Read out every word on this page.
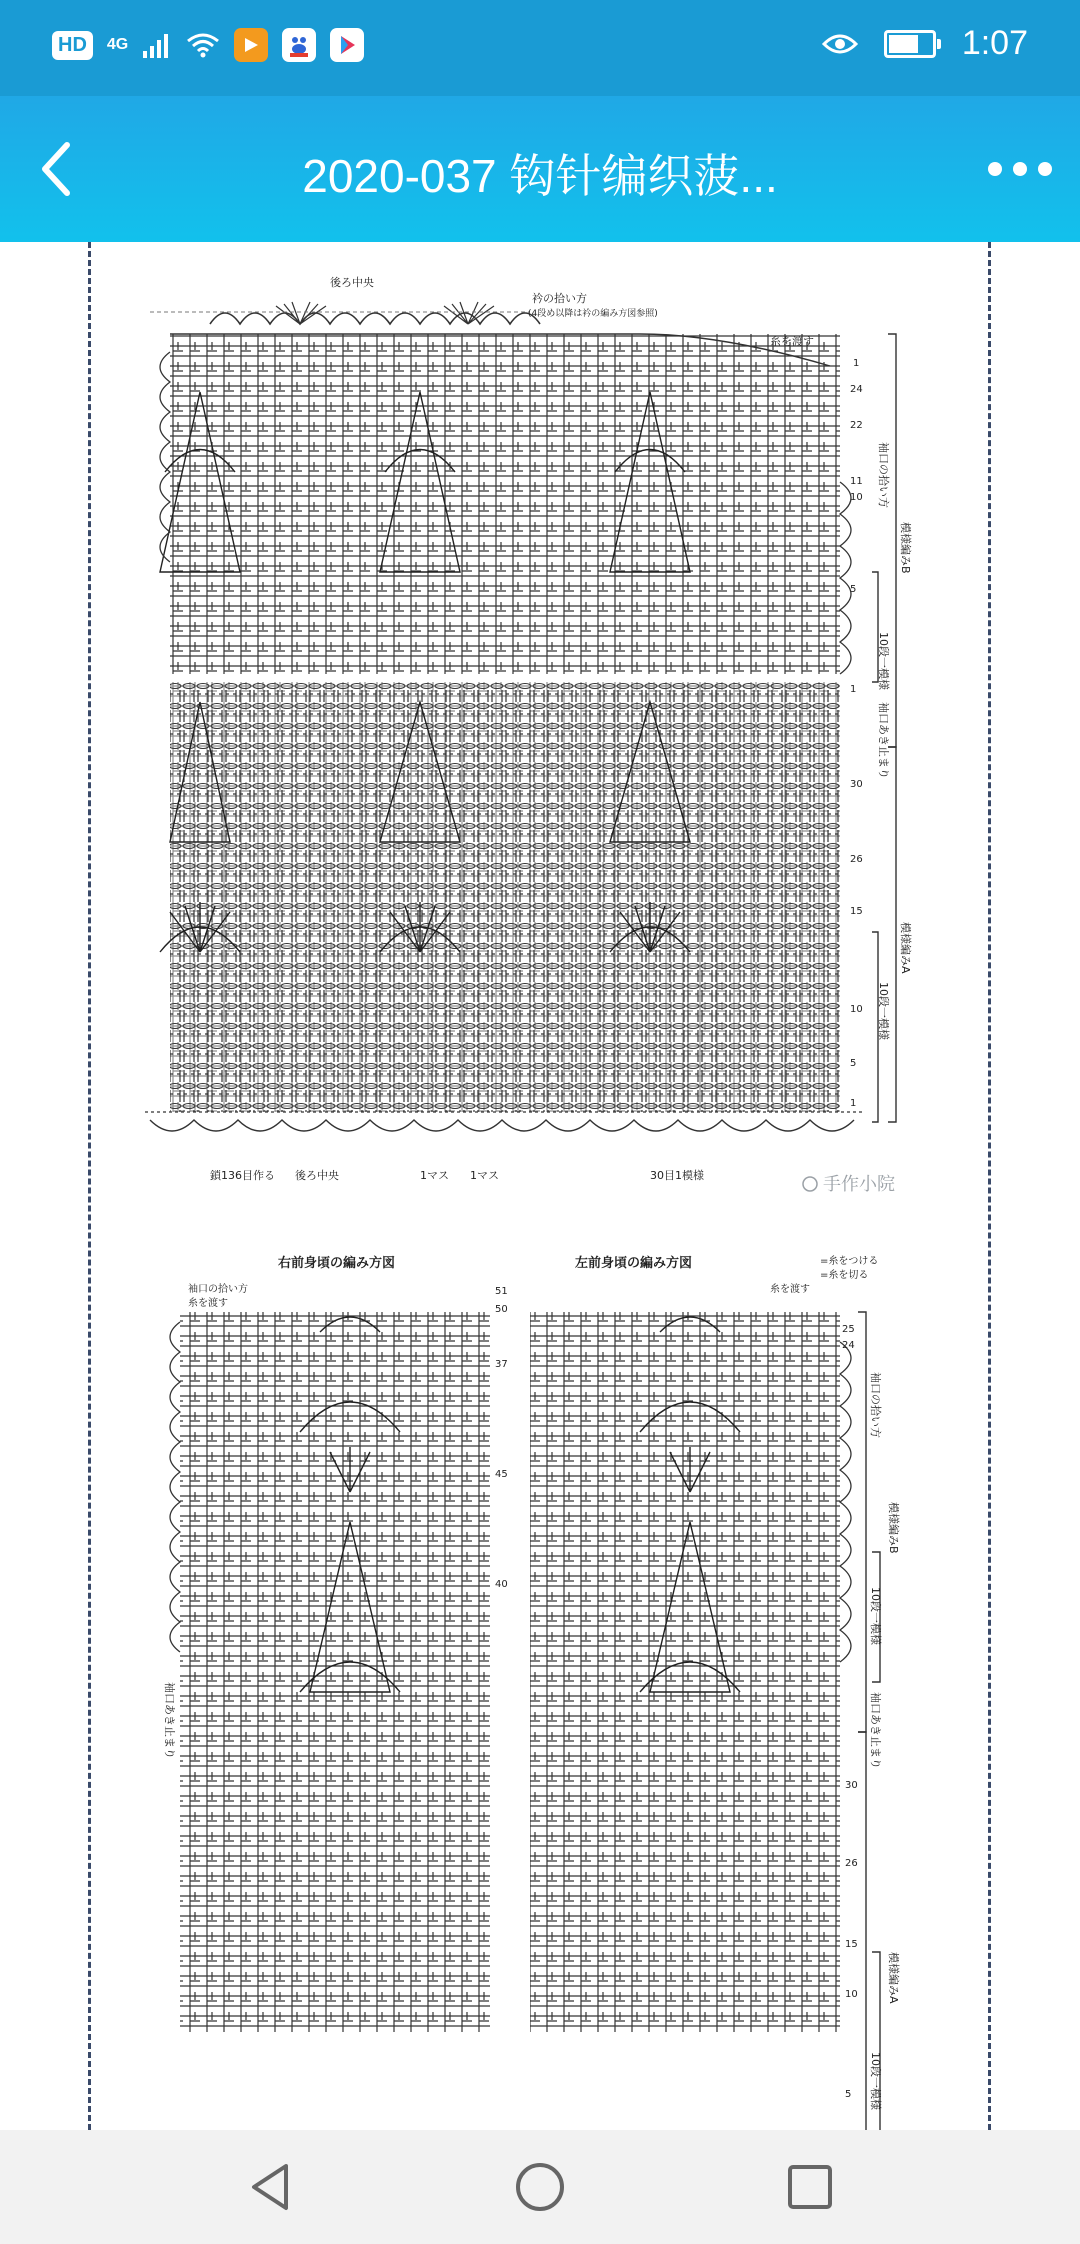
HD	4G	1:07
2020-037 钩针编织菠...
後ろ中央
衿の拾い方
(4段め以降は衿の編み方図参照)
1
24
22
11
10
5
1
30
26
15
10
5
1
袖口の拾い方
模様編みB
10段一模様
袖口あき止まり
模様編みA
10段一模様
鎖136目作る 後ろ中央	1マス 1マス	30目1模様	手作小院
右前身頃の編み方図	左前身頃の編み方図	=糸をつける
=糸を切る
袖口の拾い方
糸を渡す
糸を渡す
51
50
37
45
40
30
26
15
10
5
25
24
袖口の拾い方
模様編みB
10段一模様
袖口あき止まり
模様編みA
10段一模様
袖口あき止まり
